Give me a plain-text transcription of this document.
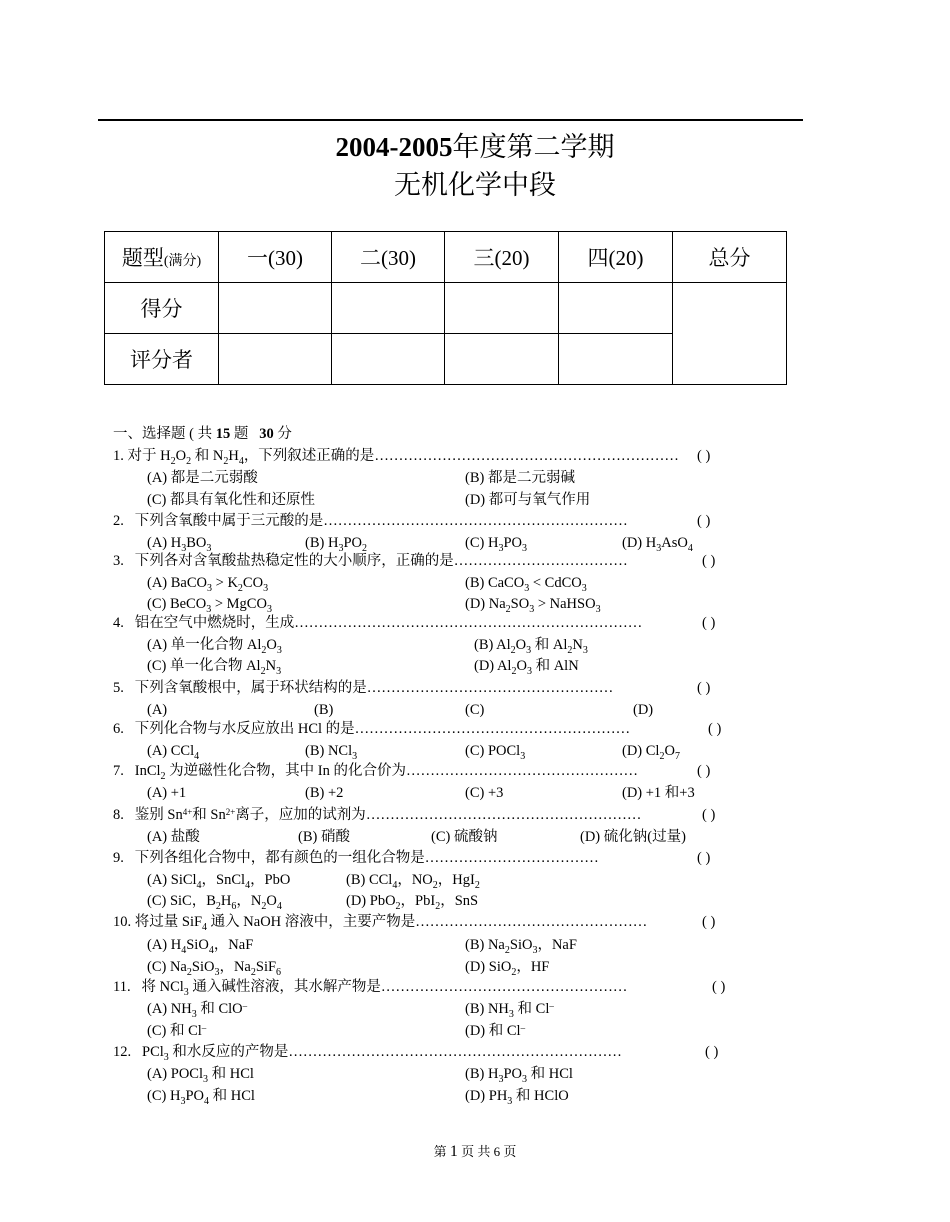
2004-2005年度第二学期
无机化学中段
题型(满分)	一(30)	二(30)	三(20)	四(20)	总分
得分					
评分者					
一、选择题 ( 共 15 题 30 分
1. 对于 $H_2O_2$ 和 $N_2H_4$，下列叙述正确的是……………………………………………………… ( )
(A) 都是二元弱酸	(B) 都是二元弱碱
(C) 都具有氧化性和还原性	(D) 都可与氧气作用
2. 下列含氧酸中属于三元酸的是………………………………………………………	( )
(A) $H_3BO_3$	(B) $H_3PO_2$	(C) $H_3PO_3$	(D) $H_3AsO_4$
3. 下列各对含氧酸盐热稳定性的大小顺序，正确的是………………………………	( )
(A) BaCO$_3$ > $K_2CO_3$	(B) CaCO$_3$ < CdCO$_3$
(C) BeCO$_3$ > MgCO$_3$	(D) $Na_2SO_3$ > NaHSO$_3$
4. 铝在空气中燃烧时，生成………………………………………………………………	( )
(A) 单一化合物 $Al_2O_3$	(B) $Al_2O_3$ 和 $Al_2N_3$
(C) 单一化合物 $Al_2N_3$	(D) $Al_2O_3$ 和 AlN
5. 下列含氧酸根中，属于环状结构的是……………………………………………	( )
(A)	(B)	(C)	(D)
6. 下列化合物与水反应放出 HCl 的是…………………………………………………	( )
(A) CCl$_4$	(B) NCl$_3$	(C) POCl$_3$	(D) $Cl_2O_7$
7. InCl$_2$ 为逆磁性化合物，其中 In 的化合价为…………………………………………	( )
(A) +1	(B) +2	(C) +3	(D) +1 和+3
8. 鉴别 $Sn^{4+}$和 $Sn^{2+}$离子，应加的试剂为…………………………………………………	( )
(A) 盐酸	(B) 硝酸	(C) 硫酸钠	(D) 硫化钠(过量)
9. 下列各组化合物中，都有颜色的一组化合物是………………………………	( )
(A) SiCl$_4$，SnCl$_4$，PbO	(B) CCl$_4$，$NO_2$，HgI$_2$
(C) SiC，$B_2H_6$，$N_2O_4$	(D) PbO$_2$，PbI$_2$，SnS
10. 将过量 SiF$_4$ 通入 NaOH 溶液中，主要产物是…………………………………………	( )
(A) $H_4SiO_4$，NaF	(B) $Na_2SiO_3$，NaF
(C) $Na_2SiO_3$，$Na_2SiF_6$	(D) SiO$_2$，HF
11. 将 NCl$_3$ 通入碱性溶液，其水解产物是……………………………………………	( )
(A) $NH_3$ 和 ClO–	(B) $NH_3$ 和 Cl–
(C) 和 Cl–	(D) 和 Cl–
12. PCl$_3$ 和水反应的产物是……………………………………………………………	( )
(A) POCl$_3$ 和 HCl	(B) $H_3PO_3$ 和 HCl
(C) $H_3PO_4$ 和 HCl	(D) $PH_3$ 和 HClO
第 1 页 共 6 页
